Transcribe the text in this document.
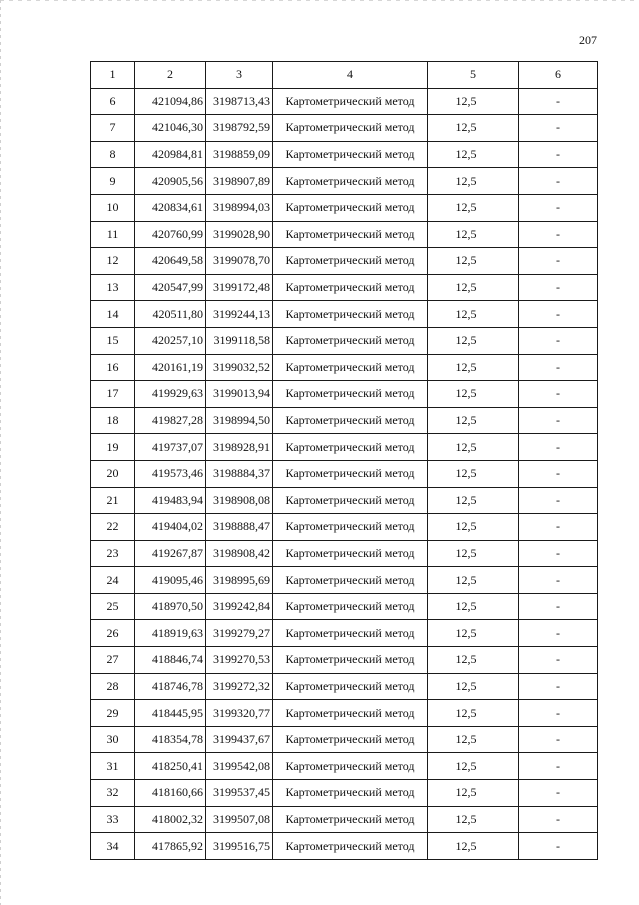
207
1	2	3	4	5	6
6	421094,86	3198713,43	Картометрический метод	12,5	-
7	421046,30	3198792,59	Картометрический метод	12,5	-
8	420984,81	3198859,09	Картометрический метод	12,5	-
9	420905,56	3198907,89	Картометрический метод	12,5	-
10	420834,61	3198994,03	Картометрический метод	12,5	-
11	420760,99	3199028,90	Картометрический метод	12,5	-
12	420649,58	3199078,70	Картометрический метод	12,5	-
13	420547,99	3199172,48	Картометрический метод	12,5	-
14	420511,80	3199244,13	Картометрический метод	12,5	-
15	420257,10	3199118,58	Картометрический метод	12,5	-
16	420161,19	3199032,52	Картометрический метод	12,5	-
17	419929,63	3199013,94	Картометрический метод	12,5	-
18	419827,28	3198994,50	Картометрический метод	12,5	-
19	419737,07	3198928,91	Картометрический метод	12,5	-
20	419573,46	3198884,37	Картометрический метод	12,5	-
21	419483,94	3198908,08	Картометрический метод	12,5	-
22	419404,02	3198888,47	Картометрический метод	12,5	-
23	419267,87	3198908,42	Картометрический метод	12,5	-
24	419095,46	3198995,69	Картометрический метод	12,5	-
25	418970,50	3199242,84	Картометрический метод	12,5	-
26	418919,63	3199279,27	Картометрический метод	12,5	-
27	418846,74	3199270,53	Картометрический метод	12,5	-
28	418746,78	3199272,32	Картометрический метод	12,5	-
29	418445,95	3199320,77	Картометрический метод	12,5	-
30	418354,78	3199437,67	Картометрический метод	12,5	-
31	418250,41	3199542,08	Картометрический метод	12,5	-
32	418160,66	3199537,45	Картометрический метод	12,5	-
33	418002,32	3199507,08	Картометрический метод	12,5	-
34	417865,92	3199516,75	Картометрический метод	12,5	-
